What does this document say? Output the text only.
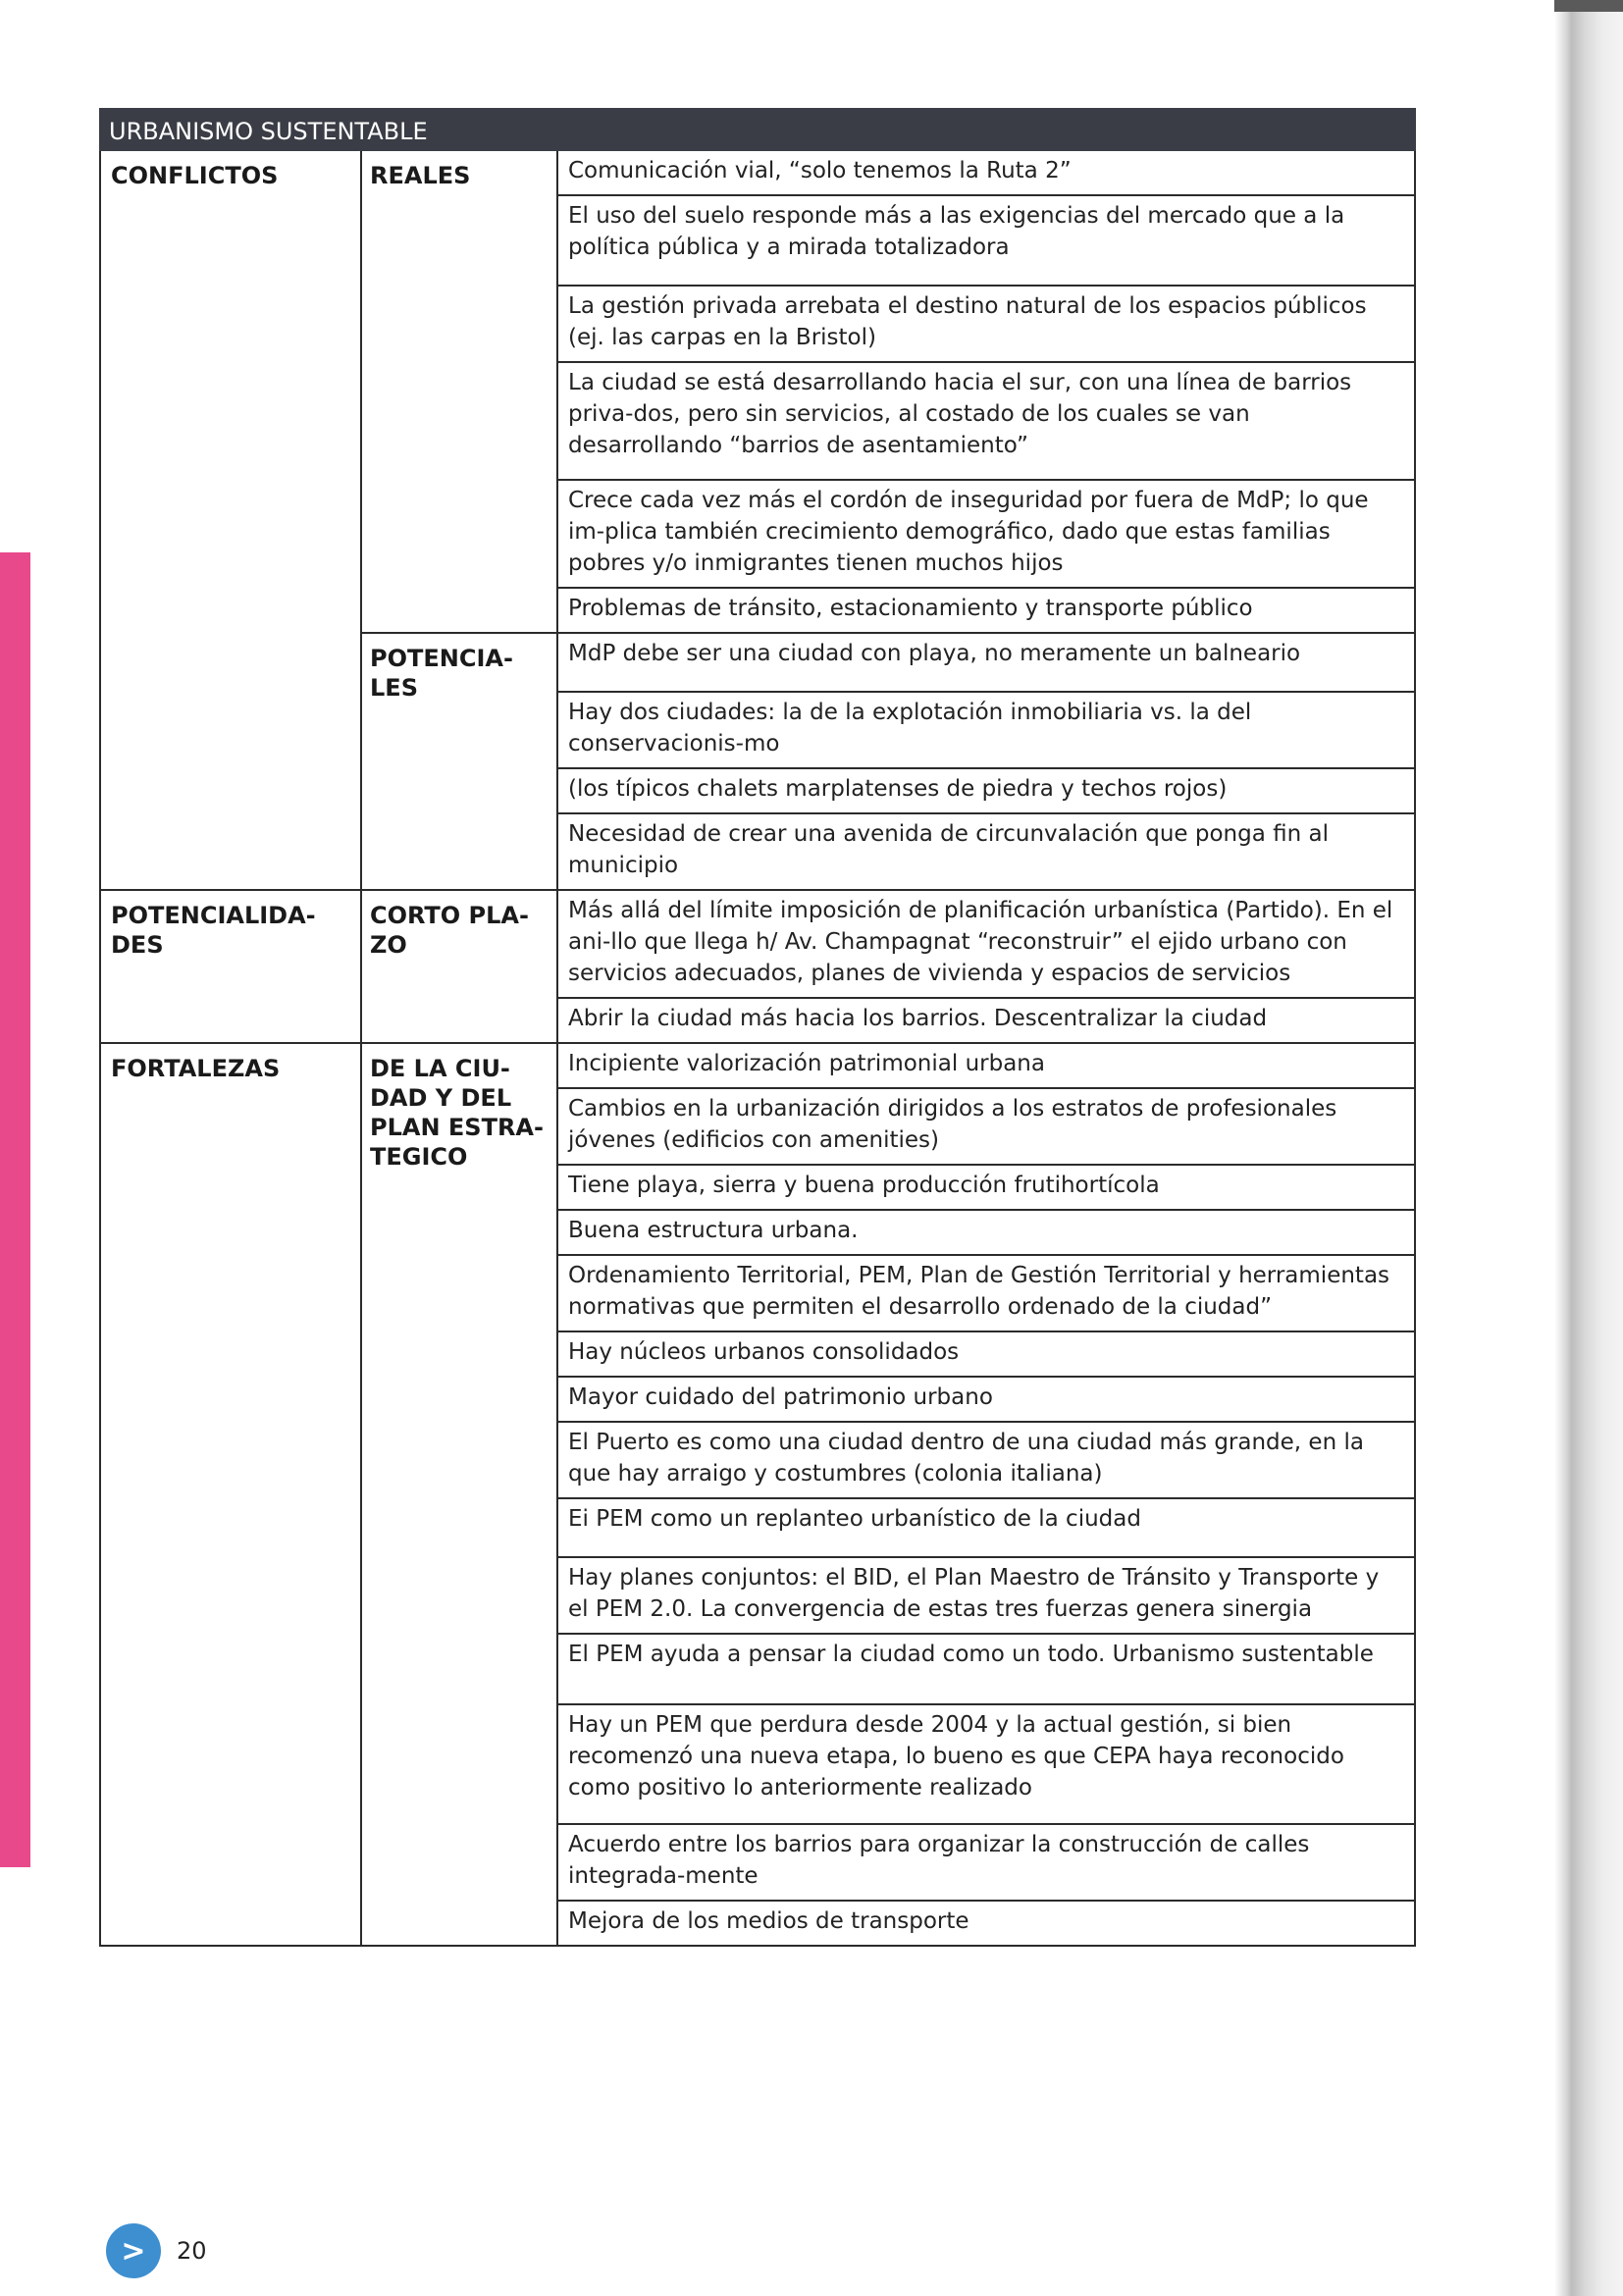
URBANISMO SUSTENTABLE		
CONFLICTOS	REALES	Comunicación vial, “solo tenemos la Ruta 2”
		El uso del suelo responde más a las exigencias del mercado que a la política pública y a mirada totalizadora
		La gestión privada arrebata el destino natural de los espacios públicos (ej. las carpas en la Bristol)
		La ciudad se está desarrollando hacia el sur, con una línea de barrios priva-dos, pero sin servicios, al costado de los cuales se van desarrollando “barrios de asentamiento”
		Crece cada vez más el cordón de inseguridad por fuera de MdP; lo que im-plica también crecimiento demográfico, dado que estas familias pobres y/o inmigrantes tienen muchos hijos
		Problemas de tránsito, estacionamiento y transporte público
	POTENCIA-LES	MdP debe ser una ciudad con playa, no meramente un balneario
		Hay dos ciudades: la de la explotación inmobiliaria vs. la del conservacionis-mo
		(los típicos chalets marplatenses de piedra y techos rojos)
		Necesidad de crear una avenida de circunvalación que ponga fin al municipio
POTENCIALIDA-DES	CORTO PLA-ZO	Más allá del límite imposición de planificación urbanística (Partido). En el ani-llo que llega h/ Av. Champagnat “reconstruir” el ejido urbano con servicios adecuados, planes de vivienda y espacios de servicios
		Abrir la ciudad más hacia los barrios. Descentralizar la ciudad
FORTALEZAS	DE LA CIU-DAD Y DEL PLAN ESTRA-TEGICO	Incipiente valorización patrimonial urbana
		Cambios en la urbanización dirigidos a los estratos de profesionales jóvenes (edificios con amenities)
		Tiene playa, sierra y buena producción frutihortícola
		Buena estructura urbana.
		Ordenamiento Territorial, PEM, Plan de Gestión Territorial y herramientas normativas que permiten el desarrollo ordenado de la ciudad”
		Hay núcleos urbanos consolidados
		Mayor cuidado del patrimonio urbano
		El Puerto es como una ciudad dentro de una ciudad más grande, en la que hay arraigo y costumbres (colonia italiana)
		Ei PEM como un replanteo urbanístico de la ciudad
		Hay planes conjuntos: el BID, el Plan Maestro de Tránsito y Transporte y el PEM 2.0. La convergencia de estas tres fuerzas genera sinergia
		El PEM ayuda a pensar la ciudad como un todo. Urbanismo sustentable
		Hay un PEM que perdura desde 2004 y la actual gestión, si bien recomenzó una nueva etapa, lo bueno es que CEPA haya reconocido como positivo lo anteriormente realizado
		Acuerdo entre los barrios para organizar la construcción de calles integrada-mente
		Mejora de los medios de transporte
>	20
